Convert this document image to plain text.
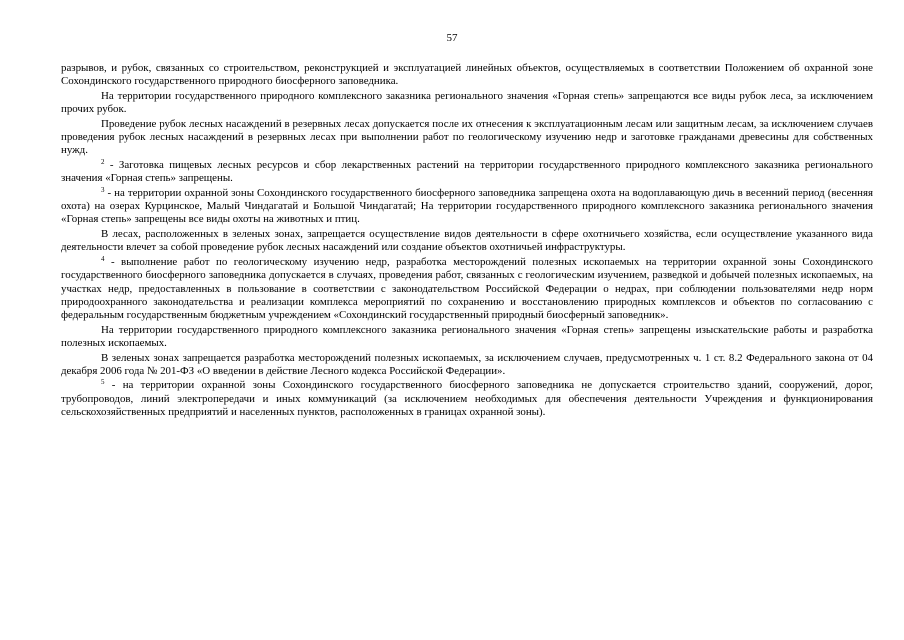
57

разрывов, и рубок, связанных со строительством, реконструкцией и эксплуатацией линейных объектов, осуществляемых в соответствии Положением об охранной зоне Сохондинского государственного природного биосферного заповедника.

На территории государственного природного комплексного заказника регионального значения «Горная степь» запрещаются все виды рубок леса, за исключением прочих рубок.

Проведение рубок лесных насаждений в резервных лесах допускается после их отнесения к эксплуатационным лесам или защитным лесам, за исключением случаев проведения рубок лесных насаждений в резервных лесах при выполнении работ по геологическому изучению недр и заготовке гражданами древесины для собственных нужд.

$^2$ - Заготовка пищевых лесных ресурсов и сбор лекарственных растений на территории государственного природного комплексного заказника регионального значения «Горная степь» запрещены.

$^3$ - на территории охранной зоны Сохондинского государственного биосферного заповедника запрещена охота на водоплавающую дичь в весенний период (весенняя охота) на озерах Курцинское, Малый Чиндагатай и Большой Чиндагатай; На территории государственного природного комплексного заказника регионального значения «Горная степь» запрещены все виды охоты на животных и птиц.

В лесах, расположенных в зеленых зонах, запрещается осуществление видов деятельности в сфере охотничьего хозяйства, если осуществление указанного вида деятельности влечет за собой проведение рубок лесных насаждений или создание объектов охотничьей инфраструктуры.

$^4$ - выполнение работ по геологическому изучению недр, разработка месторождений полезных ископаемых на территории охранной зоны Сохондинского государственного биосферного заповедника допускается в случаях, проведения работ, связанных с геологическим изучением, разведкой и добычей полезных ископаемых, на участках недр, предоставленных в пользование в соответствии с законодательством Российской Федерации о недрах, при соблюдении пользователями недр норм природоохранного законодательства и реализации комплекса мероприятий по сохранению и восстановлению природных комплексов и объектов по согласованию с федеральным государственным бюджетным учреждением «Сохондинский государственный природный биосферный заповедник».

На территории государственного природного комплексного заказника регионального значения «Горная степь» запрещены изыскательские работы и разработка полезных ископаемых.

В зеленых зонах запрещается разработка месторождений полезных ископаемых, за исключением случаев, предусмотренных ч. 1 ст. 8.2 Федерального закона от 04 декабря 2006 года № 201-ФЗ «О введении в действие Лесного кодекса Российской Федерации».

$^5$ - на территории охранной зоны Сохондинского государственного биосферного заповедника не допускается строительство зданий, сооружений, дорог, трубопроводов, линий электропередачи и иных коммуникаций (за исключением необходимых для обеспечения деятельности Учреждения и функционирования сельскохозяйственных предприятий и населенных пунктов, расположенных в границах охранной зоны).
